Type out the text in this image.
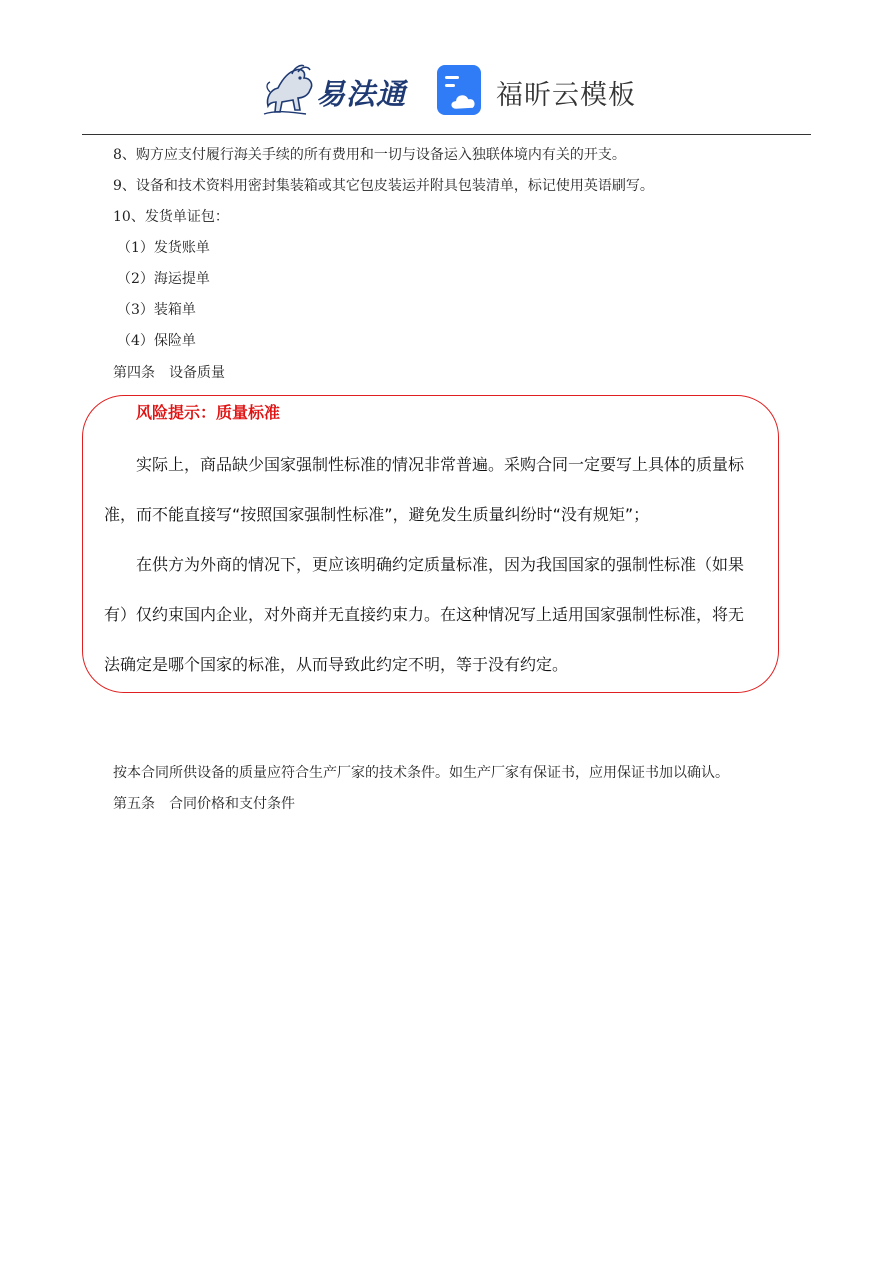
易法通	福昕云模板
8、购方应支付履行海关手续的所有费用和一切与设备运入独联体境内有关的开支。
9、设备和技术资料用密封集装箱或其它包皮装运并附具包装清单，标记使用英语刷写。
10、发货单证包：
（1）发货账单
（2）海运提单
（3）装箱单
（4）保险单
第四条　设备质量
风险提示：质量标准
实际上，商品缺少国家强制性标准的情况非常普遍。采购合同一定要写上具体的质量标
准，而不能直接写“按照国家强制性标准”，避免发生质量纠纷时“没有规矩”；
在供方为外商的情况下，更应该明确约定质量标准，因为我国国家的强制性标准（如果
有）仅约束国内企业，对外商并无直接约束力。在这种情况写上适用国家强制性标准，将无
法确定是哪个国家的标准，从而导致此约定不明，等于没有约定。
按本合同所供设备的质量应符合生产厂家的技术条件。如生产厂家有保证书，应用保证书加以确认。
第五条　合同价格和支付条件
